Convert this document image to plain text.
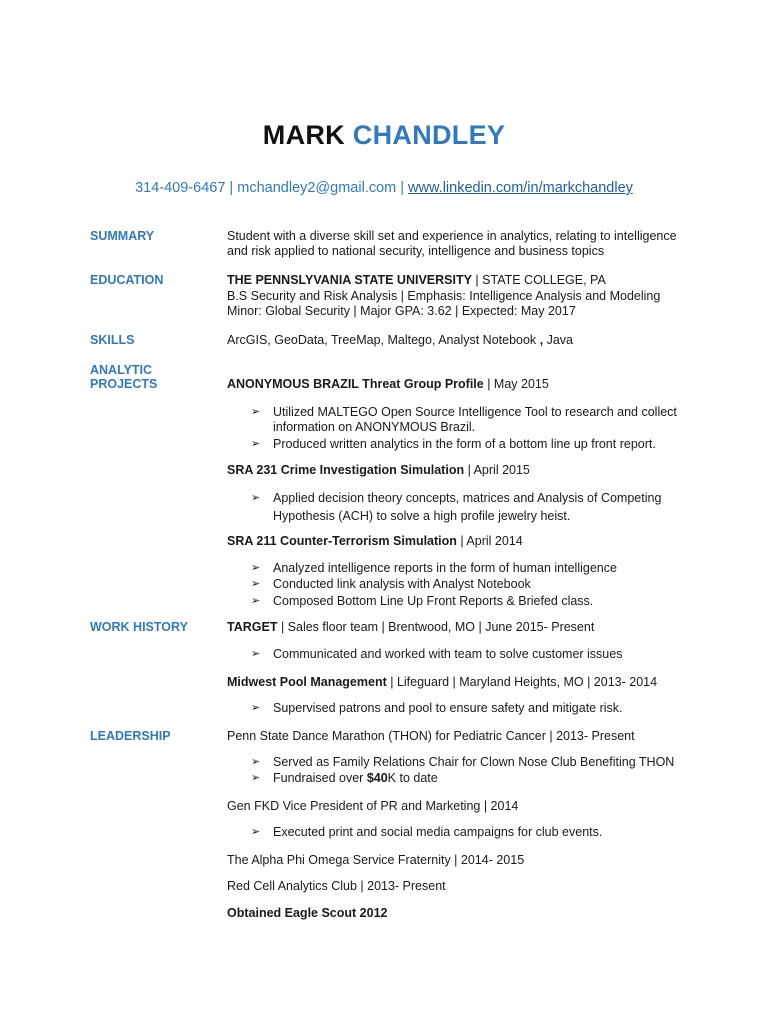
MARK CHANDLEY
314-409-6467 | mchandley2@gmail.com | www.linkedin.com/in/markchandley
SUMMARY	Student with a diverse skill set and experience in analytics, relating to intelligence
and risk applied to national security, intelligence and business topics
EDUCATION	THE PENNSLYVANIA STATE UNIVERSITY | STATE COLLEGE, PA
B.S Security and Risk Analysis | Emphasis: Intelligence Analysis and Modeling
Minor: Global Security | Major GPA: 3.62 | Expected: May 2017
SKILLS	ArcGIS, GeoData, TreeMap, Maltego, Analyst Notebook , Java
ANALYTIC
PROJECTS	ANONYMOUS BRAZIL Threat Group Profile | May 2015
➢ Utilized MALTEGO Open Source Intelligence Tool to research and collect
information on ANONYMOUS Brazil.
➢ Produced written analytics in the form of a bottom line up front report.
SRA 231 Crime Investigation Simulation | April 2015
➢ Applied decision theory concepts, matrices and Analysis of Competing
Hypothesis (ACH) to solve a high profile jewelry heist.
SRA 211 Counter-Terrorism Simulation | April 2014
➢ Analyzed intelligence reports in the form of human intelligence
➢ Conducted link analysis with Analyst Notebook
➢ Composed Bottom Line Up Front Reports & Briefed class.
WORK HISTORY	TARGET | Sales floor team | Brentwood, MO | June 2015- Present
➢ Communicated and worked with team to solve customer issues
Midwest Pool Management | Lifeguard | Maryland Heights, MO | 2013- 2014
➢ Supervised patrons and pool to ensure safety and mitigate risk.
LEADERSHIP	Penn State Dance Marathon (THON) for Pediatric Cancer | 2013- Present
➢ Served as Family Relations Chair for Clown Nose Club Benefiting THON
➢ Fundraised over $40K to date
Gen FKD Vice President of PR and Marketing | 2014
➢ Executed print and social media campaigns for club events.
The Alpha Phi Omega Service Fraternity | 2014- 2015
Red Cell Analytics Club | 2013- Present
Obtained Eagle Scout 2012
